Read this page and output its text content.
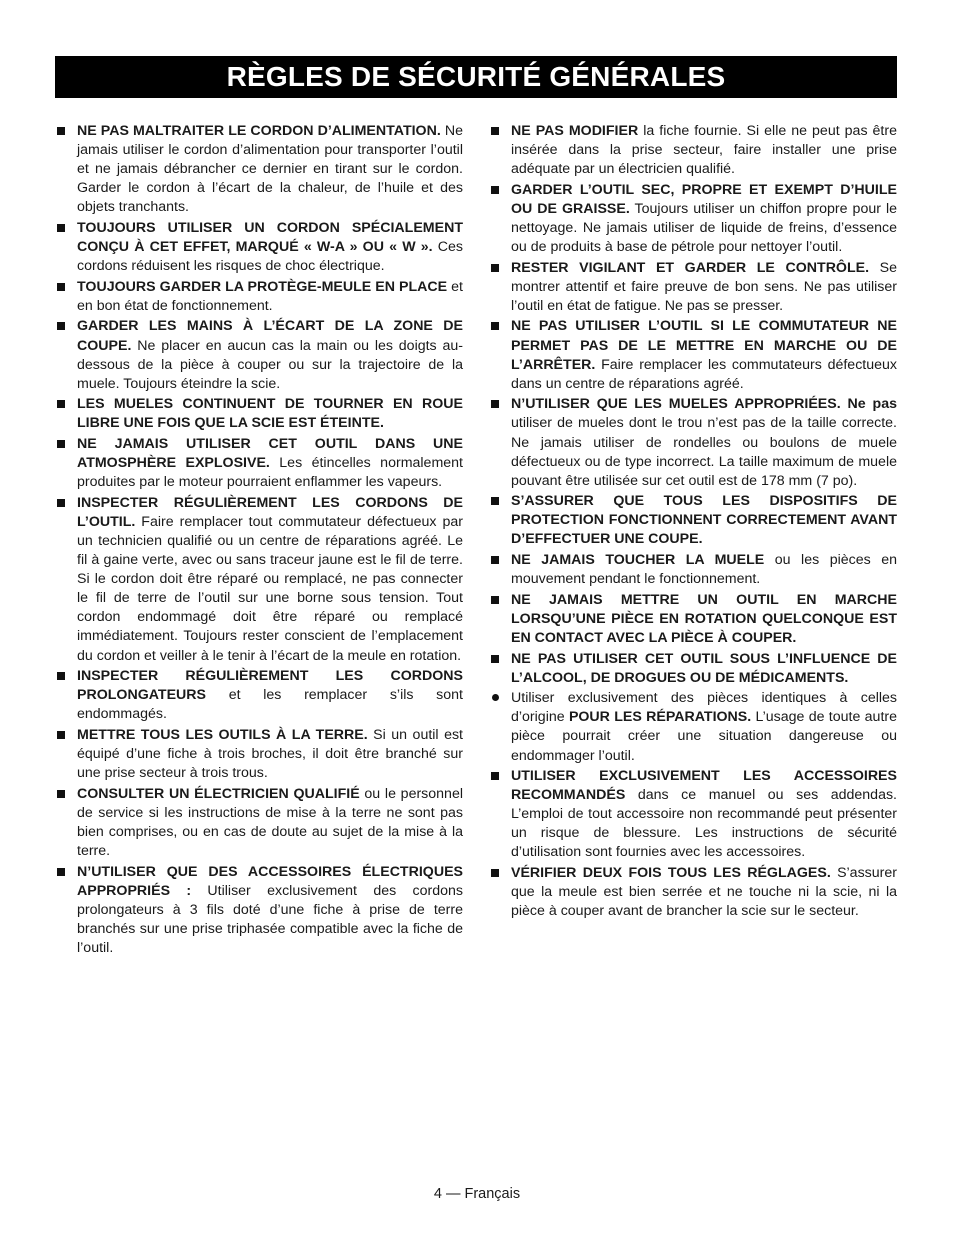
RÈGLES DE SÉCURITÉ GÉNÉRALES
NE PAS MALTRAITER LE CORDON D’ALIMENTATION. Ne jamais utiliser le cordon d’alimentation pour transporter l’outil et ne jamais débrancher ce dernier en tirant sur le cordon. Garder le cordon à l’écart de la chaleur, de l’huile et des objets tranchants.
TOUJOURS UTILISER UN CORDON SPÉCIALEMENT CONÇU À CET EFFET, MARQUÉ « W-A » OU « W ». Ces cordons réduisent les risques de choc électrique.
TOUJOURS GARDER LA PROTÈGE-MEULE EN PLACE et en bon état de fonctionnement.
GARDER LES MAINS À L’ÉCART DE LA ZONE DE COUPE. Ne placer en aucun cas la main ou les doigts au-dessous de la pièce à couper ou sur la trajectoire de la muele. Toujours éteindre la scie.
LES MUELES CONTINUENT DE TOURNER EN ROUE LIBRE UNE FOIS QUE LA SCIE EST ÉTEINTE.
NE JAMAIS UTILISER CET OUTIL DANS UNE ATMOSPHÈRE EXPLOSIVE. Les étincelles normalement produites par le moteur pourraient enflammer les vapeurs.
INSPECTER RÉGULIÈREMENT LES CORDONS DE L’OUTIL. Faire remplacer tout commutateur défectueux par un technicien qualifié ou un centre de réparations agréé. Le fil à gaine verte, avec ou sans traceur jaune est le fil de terre. Si le cordon doit être réparé ou remplacé, ne pas connecter le fil de terre de l’outil sur une borne sous tension. Tout cordon endommagé doit être réparé ou remplacé immédiatement. Toujours rester conscient de l’emplacement du cordon et veiller à le tenir à l’écart de la meule en rotation.
INSPECTER RÉGULIÈREMENT LES CORDONS PROLONGATEURS et les remplacer s’ils sont endommagés.
METTRE TOUS LES OUTILS À LA TERRE. Si un outil est équipé d’une fiche à trois broches, il doit être branché sur une prise secteur à trois trous.
CONSULTER UN ÉLECTRICIEN QUALIFIÉ ou le personnel de service si les instructions de mise à la terre ne sont pas bien comprises, ou en cas de doute au sujet de la mise à la terre.
N’UTILISER QUE DES ACCESSOIRES ÉLECTRIQUES APPROPRIÉS : Utiliser exclusivement des cordons prolongateurs à 3 fils doté d’une fiche à prise de terre branchés sur une prise triphasée compatible avec la fiche de l’outil.
NE PAS MODIFIER la fiche fournie. Si elle ne peut pas être insérée dans la prise secteur, faire installer une prise adéquate par un électricien qualifié.
GARDER L’OUTIL SEC, PROPRE ET EXEMPT D’HUILE OU DE GRAISSE. Toujours utiliser un chiffon propre pour le nettoyage. Ne jamais utiliser de liquide de freins, d’essence ou de produits à base de pétrole pour nettoyer l’outil.
RESTER VIGILANT ET GARDER LE CONTRÔLE. Se montrer attentif et faire preuve de bon sens. Ne pas utiliser l’outil en état de fatigue. Ne pas se presser.
NE PAS UTILISER L’OUTIL SI LE COMMUTATEUR NE PERMET PAS DE LE METTRE EN MARCHE OU DE L’ARRÊTER. Faire remplacer les commutateurs défectueux dans un centre de réparations agréé.
N’UTILISER QUE LES MUELES APPROPRIÉES. Ne pas utiliser de mueles dont le trou n’est pas de la taille correcte. Ne jamais utiliser de rondelles ou boulons de muele défectueux ou de type incorrect. La taille maximum de muele pouvant être utilisée sur cet outil est de 178 mm (7 po).
S’ASSURER QUE TOUS LES DISPOSITIFS DE PROTECTION FONCTIONNENT CORRECTEMENT AVANT D’EFFECTUER UNE COUPE.
NE JAMAIS TOUCHER LA MUELE ou les pièces en mouvement pendant le fonctionnement.
NE JAMAIS METTRE UN OUTIL EN MARCHE LORSQU’UNE PIÈCE EN ROTATION QUELCONQUE EST EN CONTACT AVEC LA PIÈCE À COUPER.
NE PAS UTILISER CET OUTIL SOUS L’INFLUENCE DE L’ALCOOL, DE DROGUES OU DE MÉDICAMENTS.
Utiliser exclusivement des pièces identiques à celles d’origine POUR LES RÉPARATIONS. L’usage de toute autre pièce pourrait créer une situation dangereuse ou endommager l’outil.
UTILISER EXCLUSIVEMENT LES ACCESSOIRES RECOMMANDÉS dans ce manuel ou ses addendas. L’emploi de tout accessoire non recommandé peut présenter un risque de blessure. Les instructions de sécurité d’utilisation sont fournies avec les accessoires.
VÉRIFIER DEUX FOIS TOUS LES RÉGLAGES. S’assurer que la meule est bien serrée et ne touche ni la scie, ni la pièce à couper avant de brancher la scie sur le secteur.
4 — Français
